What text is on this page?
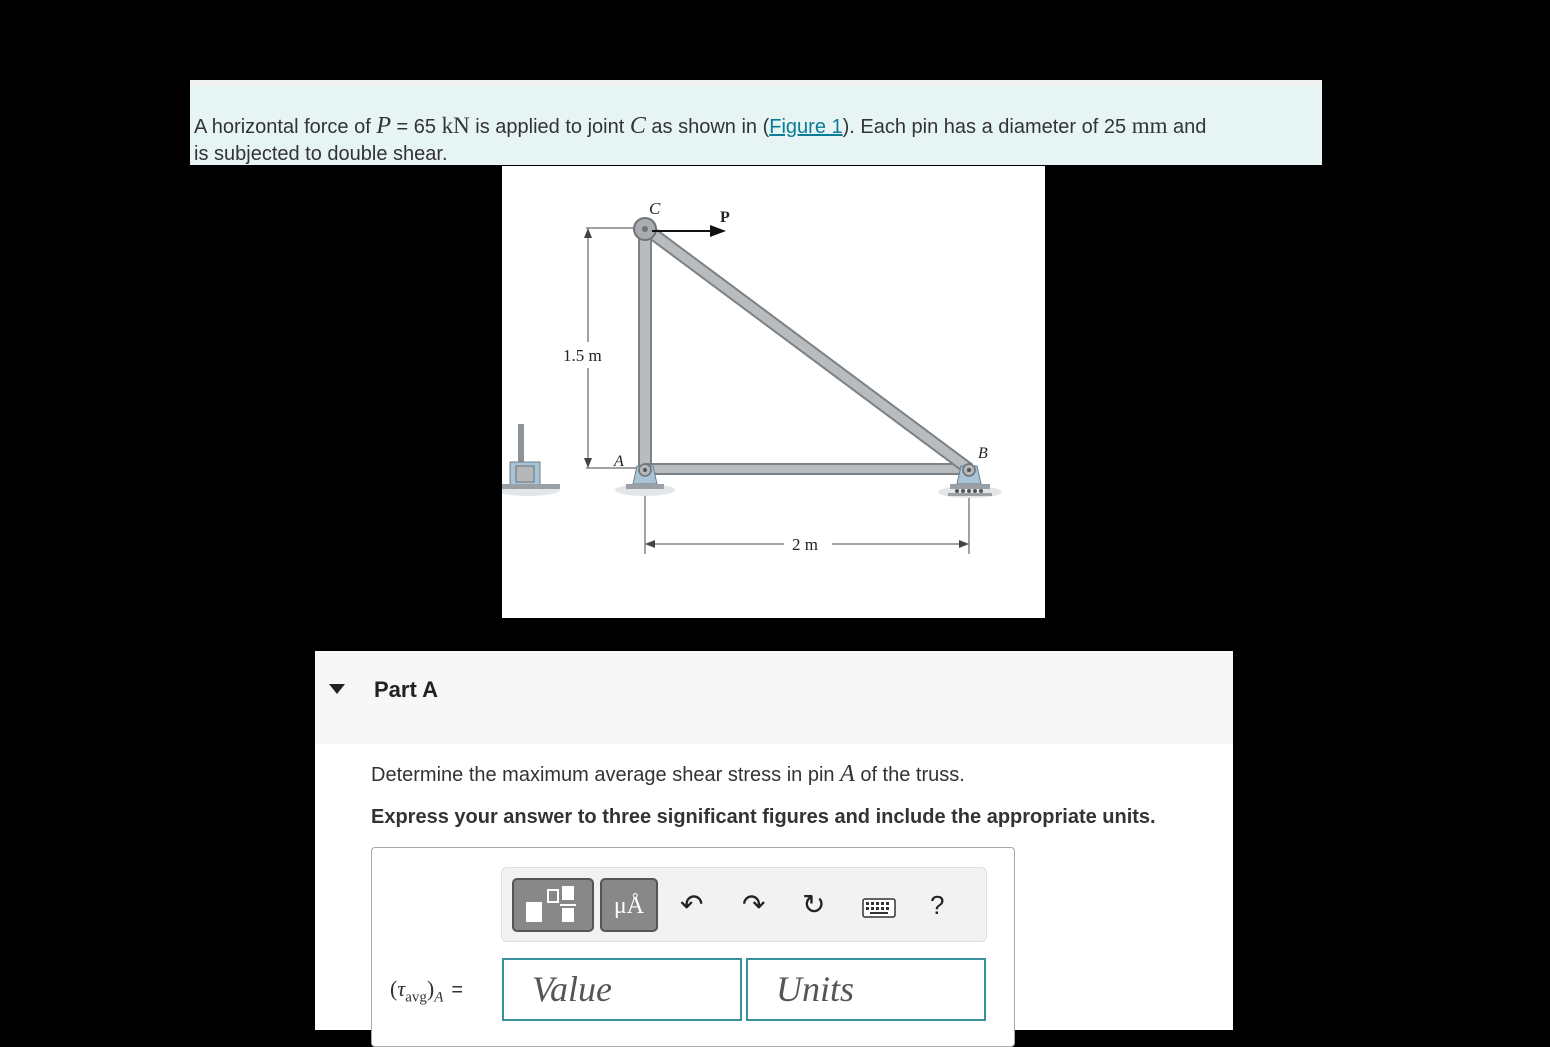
A horizontal force of P = 65 kN is applied to joint C as shown in (Figure 1). Each pin has a diameter of 25 mm and
is subjected to double shear.
C	P
A	B
1.5 m
2 m
Part A
Determine the maximum average shear stress in pin A of the truss.
Express your answer to three significant figures and include the appropriate units.
μÅ	↶ ↷ ↻	?
$(\tau_{avg})_A$ =	Value	Units
